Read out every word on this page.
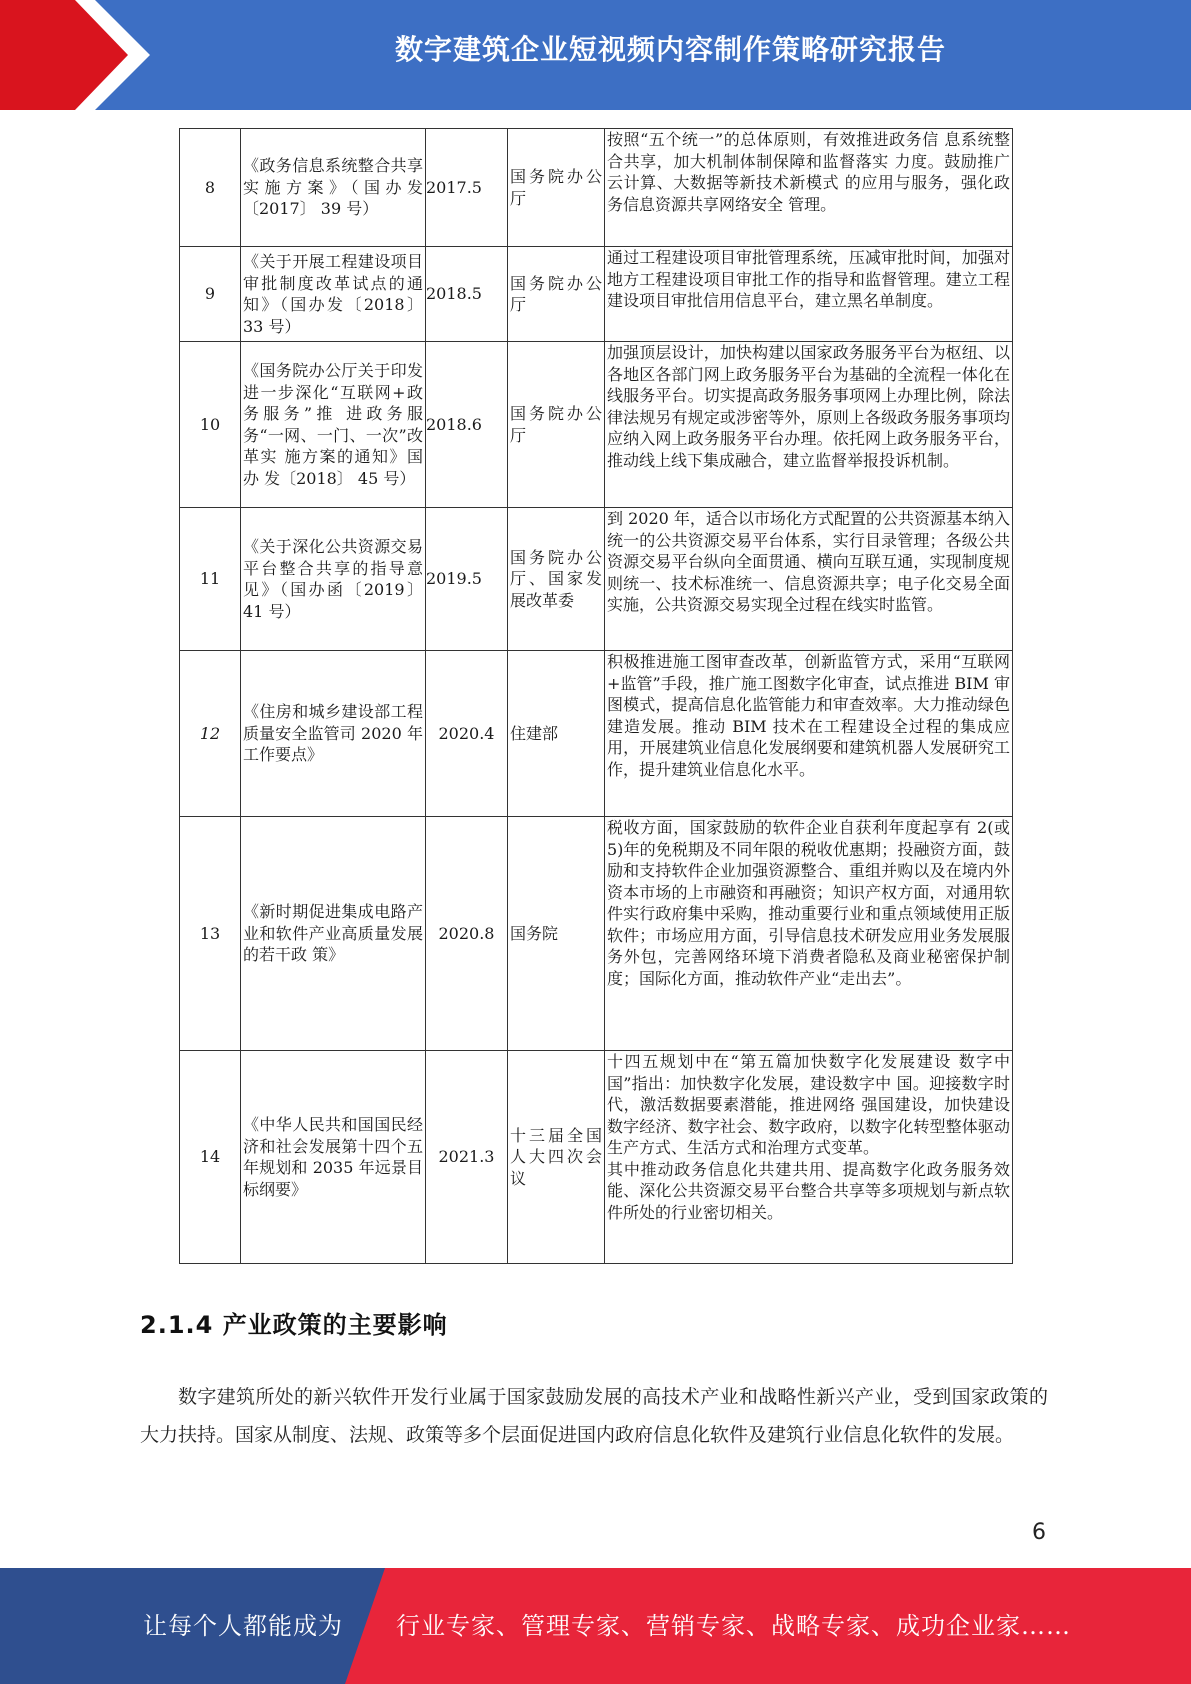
数字建筑企业短视频内容制作策略研究报告
8	《政务信息系统整合共享实施方案》（国办发〔2017〕 39 号）	2017.5	国务院办公厅	按照“五个统一”的总体原则，有效推进政务信 息系统整合共享，加大机制体制保障和监督落实 力度。鼓励推广云计算、大数据等新技术新模式 的应用与服务，强化政务信息资源共享网络安全 管理。
9	《关于开展工程建设项目审批制度改革试点的通知》（国办发〔2018〕 33 号）	2018.5	国务院办公厅	通过工程建设项目审批管理系统，压减审批时间，加强对地方工程建设项目审批工作的指导和监督管理。建立工程建设项目审批信用信息平台，建立黑名单制度。
10	《国务院办公厅关于印发进一步深化“互联网+政务服务”推 进政务服务“一网、一门、一次”改革实 施方案的通知》国办 发〔2018〕 45 号）	2018.6	国务院办公厅	加强顶层设计，加快构建以国家政务服务平台为枢纽、以各地区各部门网上政务服务平台为基础的全流程一体化在线服务平台。切实提高政务服务事项网上办理比例，除法律法规另有规定或涉密等外，原则上各级政务服务事项均应纳入网上政务服务平台办理。依托网上政务服务平台，推动线上线下集成融合，建立监督举报投诉机制。
11	《关于深化公共资源交易平台整合共享的指导意见》（国办函〔2019〕 41 号）	2019.5	国务院办公厅、国家发展改革委	到 2020 年，适合以市场化方式配置的公共资源基本纳入统一的公共资源交易平台体系，实行目录管理；各级公共资源交易平台纵向全面贯通、横向互联互通，实现制度规则统一、技术标准统一、信息资源共享；电子化交易全面实施，公共资源交易实现全过程在线实时监管。
12	《住房和城乡建设部工程质量安全监管司 2020 年工作要点》	2020.4	住建部	积极推进施工图审查改革，创新监管方式，采用“互联网+监管”手段，推广施工图数字化审查，试点推进 BIM 审图模式，提高信息化监管能力和审查效率。大力推动绿色建造发展。推动 BIM 技术在工程建设全过程的集成应用，开展建筑业信息化发展纲要和建筑机器人发展研究工作，提升建筑业信息化水平。
13	《新时期促进集成电路产业和软件产业高质量发展的若干政 策》	2020.8	国务院	税收方面，国家鼓励的软件企业自获利年度起享有 2(或 5)年的免税期及不同年限的税收优惠期；投融资方面，鼓励和支持软件企业加强资源整合、重组并购以及在境内外资本市场的上市融资和再融资；知识产权方面，对通用软件实行政府集中采购，推动重要行业和重点领域使用正版软件；市场应用方面，引导信息技术研发应用业务发展服务外包，完善网络环境下消费者隐私及商业秘密保护制度；国际化方面，推动软件产业“走出去”。
14	《中华人民共和国国民经济和社会发展第十四个五年规划和 2035 年远景目标纲要》	2021.3	十三届全国人大四次会议	十四五规划中在“第五篇加快数字化发展建设 数字中国”指出：加快数字化发展，建设数字中 国。迎接数字时代，激活数据要素潜能，推进网络 强国建设，加快建设数字经济、数字社会、数字政府，以数字化转型整体驱动生产方式、生活方式和治理方式变革。
其中推动政务信息化共建共用、提高数字化政务服务效能、深化公共资源交易平台整合共享等多项规划与新点软件所处的行业密切相关。
2.1.4 产业政策的主要影响
数字建筑所处的新兴软件开发行业属于国家鼓励发展的高技术产业和战略性新兴产业，受到国家政策的大力扶持。国家从制度、法规、政策等多个层面促进国内政府信息化软件及建筑行业信息化软件的发展。
6
让每个人都能成为 行业专家、管理专家、营销专家、战略专家、成功企业家……
